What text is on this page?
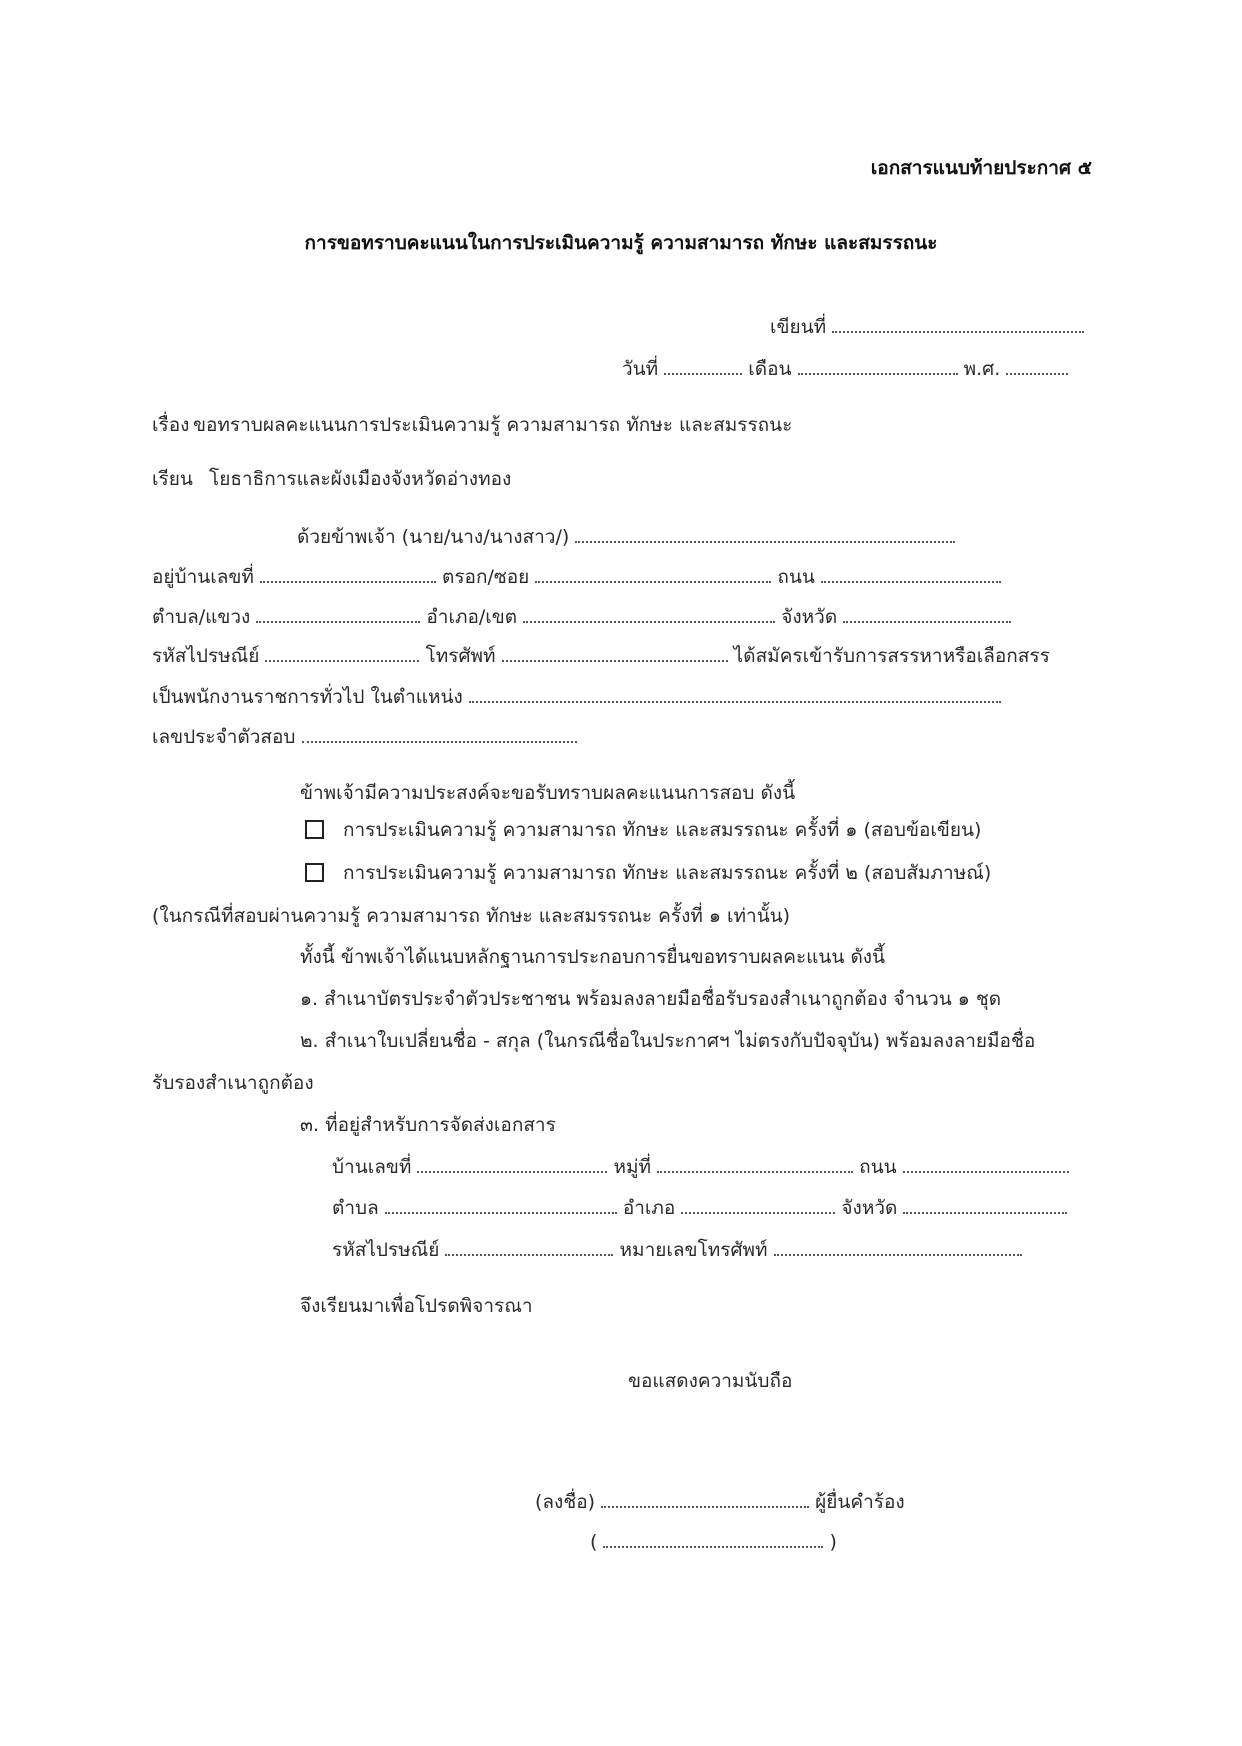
เอกสารแนบท้ายประกาศ ๕
การขอทราบคะแนนในการประเมินความรู้ ความสามารถ ทักษะ และสมรรถนะ
เขียนที่
วันที่	เดือน	พ.ศ.
เรื่อง ขอทราบผลคะแนนการประเมินความรู้ ความสามารถ ทักษะ และสมรรถนะ
เรียน โยธาธิการและผังเมืองจังหวัดอ่างทอง
ด้วยข้าพเจ้า (นาย/นาง/นางสาว/)
อยู่บ้านเลขที่	ตรอก/ซอย	ถนน
ตำบล/แขวง	อำเภอ/เขต	จังหวัด
รหัสไปรษณีย์	โทรศัพท์	ได้สมัครเข้ารับการสรรหาหรือเลือกสรร
เป็นพนักงานราชการทั่วไป ในตำแหน่ง
เลขประจำตัวสอบ
ข้าพเจ้ามีความประสงค์จะขอรับทราบผลคะแนนการสอบ ดังนี้
การประเมินความรู้ ความสามารถ ทักษะ และสมรรถนะ ครั้งที่ ๑ (สอบข้อเขียน)
การประเมินความรู้ ความสามารถ ทักษะ และสมรรถนะ ครั้งที่ ๒ (สอบสัมภาษณ์)
(ในกรณีที่สอบผ่านความรู้ ความสามารถ ทักษะ และสมรรถนะ ครั้งที่ ๑ เท่านั้น)
ทั้งนี้ ข้าพเจ้าได้แนบหลักฐานการประกอบการยื่นขอทราบผลคะแนน ดังนี้
๑. สำเนาบัตรประจำตัวประชาชน พร้อมลงลายมือชื่อรับรองสำเนาถูกต้อง จำนวน ๑ ชุด
๒. สำเนาใบเปลี่ยนชื่อ - สกุล (ในกรณีชื่อในประกาศฯ ไม่ตรงกับปัจจุบัน) พร้อมลงลายมือชื่อ
รับรองสำเนาถูกต้อง
๓. ที่อยู่สำหรับการจัดส่งเอกสาร
บ้านเลขที่	หมู่ที่	ถนน
ตำบล	อำเภอ	จังหวัด
รหัสไปรษณีย์	หมายเลขโทรศัพท์
จึงเรียนมาเพื่อโปรดพิจารณา
ขอแสดงความนับถือ
(ลงชื่อ)	ผู้ยื่นคำร้อง
(	)
